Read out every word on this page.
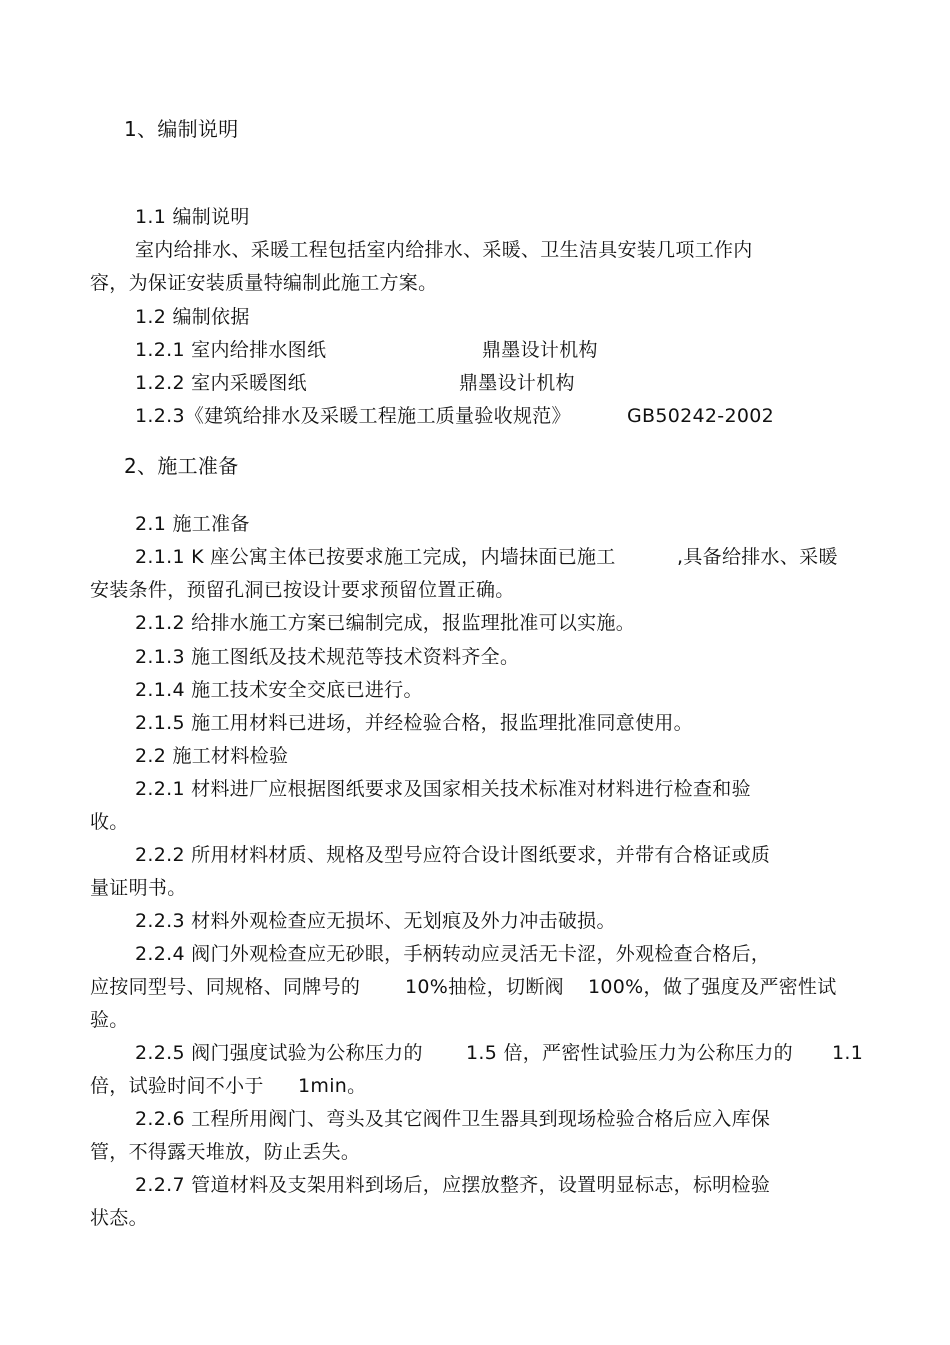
1、编制说明
1.1 编制说明
室内给排水、采暖工程包括室内给排水、采暖、卫生洁具安装几项工作内
容，为保证安装质量特编制此施工方案。
1.2 编制依据
1.2.1 室内给排水图纸	鼎墨设计机构
1.2.2 室内采暖图纸	鼎墨设计机构
1.2.3《建筑给排水及采暖工程施工质量验收规范》	GB50242-2002
2、施工准备
2.1 施工准备
2.1.1 K 座公寓主体已按要求施工完成，内墙抹面已施工	,具备给排水、采暖
安装条件，预留孔洞已按设计要求预留位置正确。
2.1.2 给排水施工方案已编制完成，报监理批准可以实施。
2.1.3 施工图纸及技术规范等技术资料齐全。
2.1.4 施工技术安全交底已进行。
2.1.5 施工用材料已进场，并经检验合格，报监理批准同意使用。
2.2 施工材料检验
2.2.1 材料进厂应根据图纸要求及国家相关技术标准对材料进行检查和验
收。
2.2.2 所用材料材质、规格及型号应符合设计图纸要求，并带有合格证或质
量证明书。
2.2.3 材料外观检查应无损坏、无划痕及外力冲击破损。
2.2.4 阀门外观检查应无砂眼，手柄转动应灵活无卡涩，外观检查合格后，
应按同型号、同规格、同牌号的 10%抽检，切断阀 100%，做了强度及严密性试
验。
2.2.5 阀门强度试验为公称压力的 1.5 倍，严密性试验压力为公称压力的 1.1
倍，试验时间不小于 1min。
2.2.6 工程所用阀门、弯头及其它阀件卫生器具到现场检验合格后应入库保
管，不得露天堆放，防止丢失。
2.2.7 管道材料及支架用料到场后，应摆放整齐，设置明显标志，标明检验
状态。
